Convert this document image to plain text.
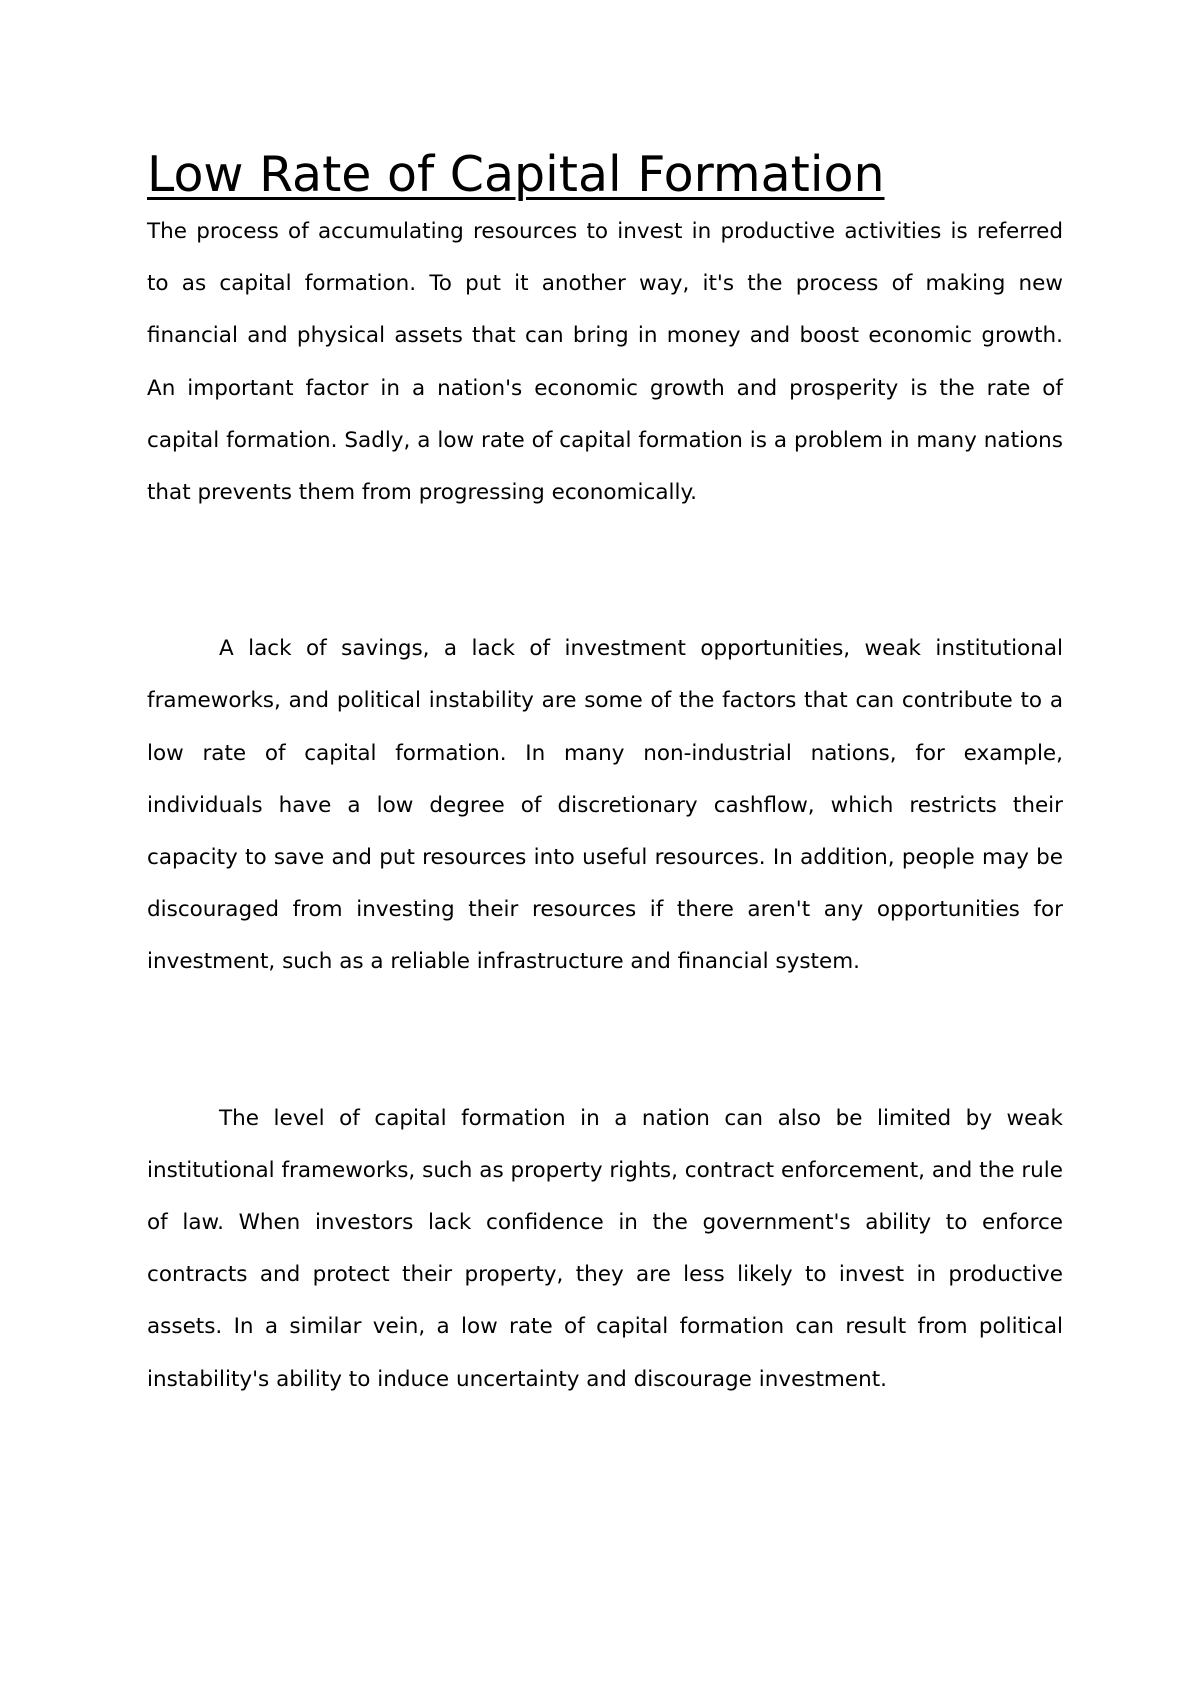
Low Rate of Capital Formation

The process of accumulating resources to invest in productive activities is referred to as capital formation. To put it another way, it's the process of making new financial and physical assets that can bring in money and boost economic growth. An important factor in a nation's economic growth and prosperity is the rate of capital formation. Sadly, a low rate of capital formation is a problem in many nations that prevents them from progressing economically.

A lack of savings, a lack of investment opportunities, weak institutional frameworks, and political instability are some of the factors that can contribute to a low rate of capital formation. In many non-industrial nations, for example, individuals have a low degree of discretionary cashflow, which restricts their capacity to save and put resources into useful resources. In addition, people may be discouraged from investing their resources if there aren't any opportunities for investment, such as a reliable infrastructure and financial system.

The level of capital formation in a nation can also be limited by weak institutional frameworks, such as property rights, contract enforcement, and the rule of law. When investors lack confidence in the government's ability to enforce contracts and protect their property, they are less likely to invest in productive assets. In a similar vein, a low rate of capital formation can result from political instability's ability to induce uncertainty and discourage investment.
